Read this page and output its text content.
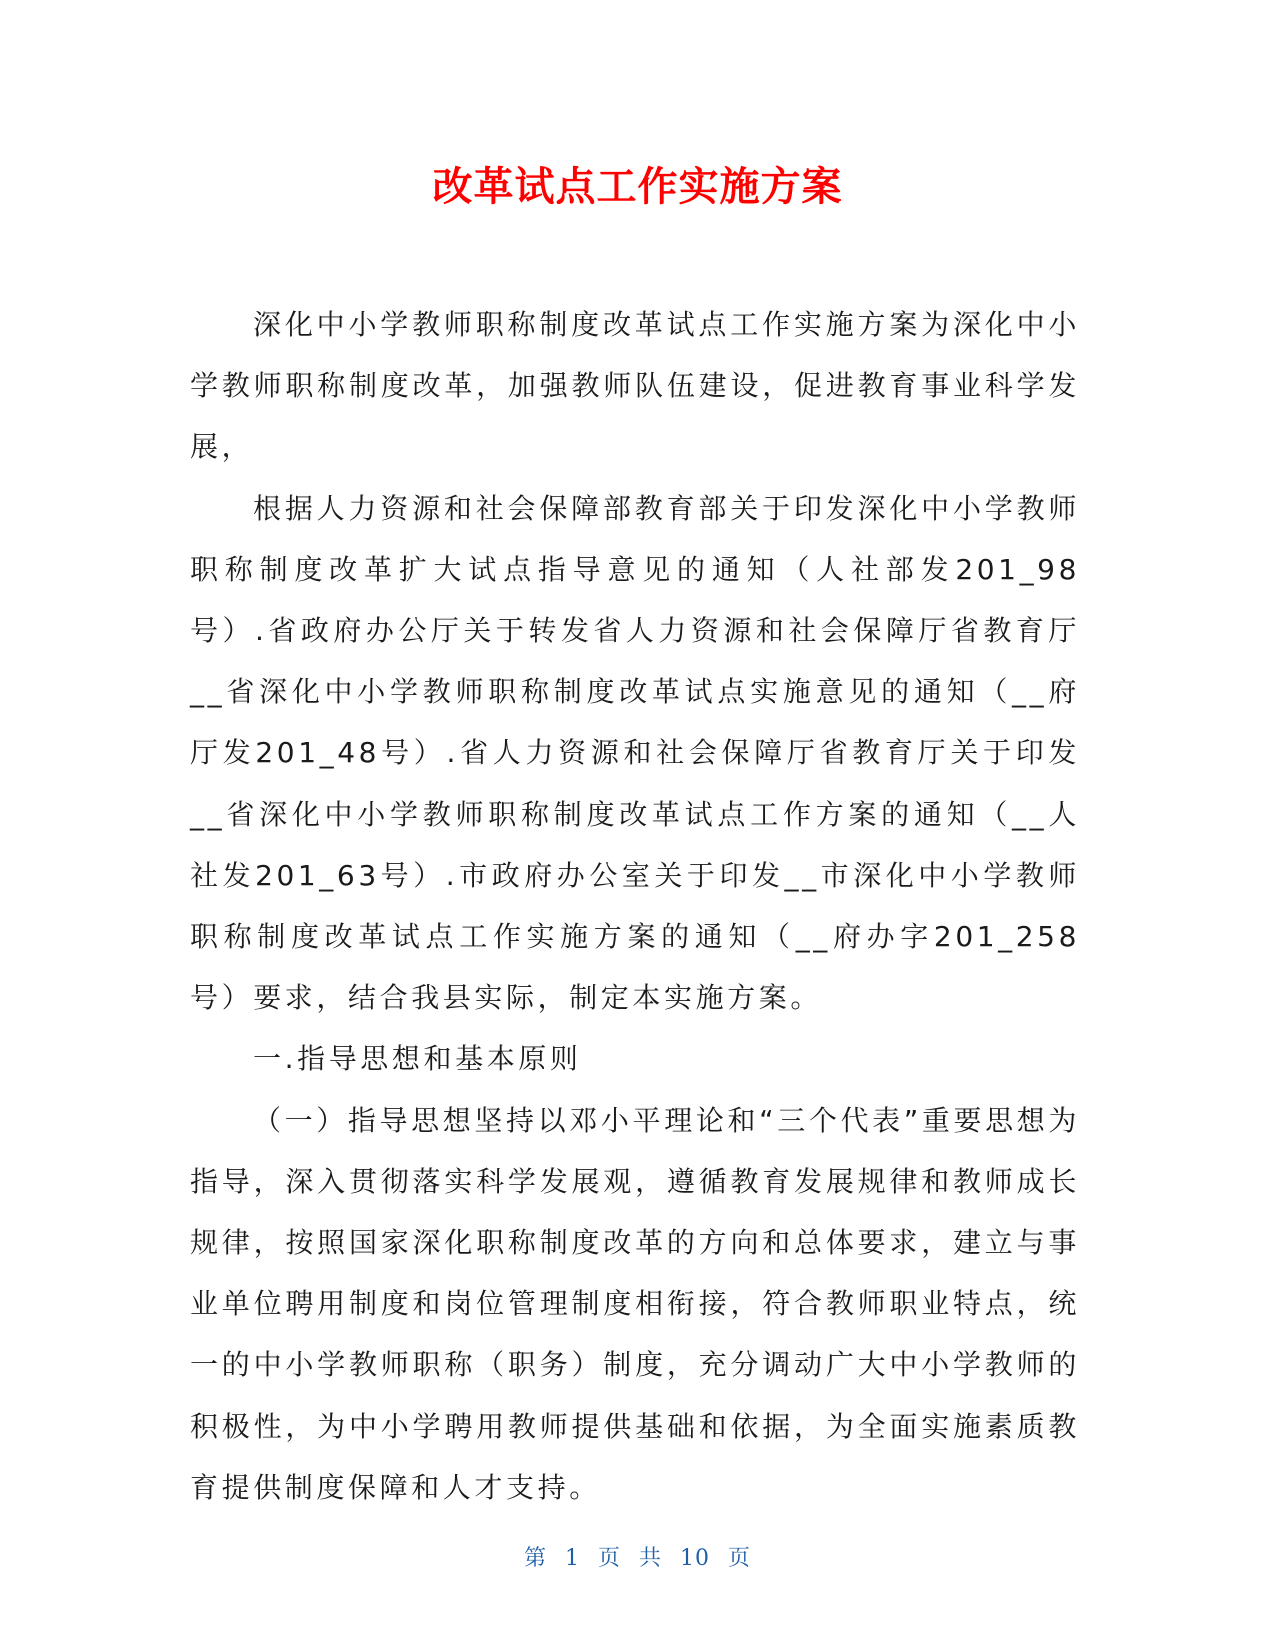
改革试点工作实施方案

深化中小学教师职称制度改革试点工作实施方案为深化中小学教师职称制度改革，加强教师队伍建设，促进教育事业科学发展，

根据人力资源和社会保障部教育部关于印发深化中小学教师职称制度改革扩大试点指导意见的通知（人社部发201_98号）.省政府办公厅关于转发省人力资源和社会保障厅省教育厅__省深化中小学教师职称制度改革试点实施意见的通知（__府厅发201_48号）.省人力资源和社会保障厅省教育厅关于印发__省深化中小学教师职称制度改革试点工作方案的通知（__人社发201_63号）.市政府办公室关于印发__市深化中小学教师职称制度改革试点工作实施方案的通知（__府办字201_258号）要求，结合我县实际，制定本实施方案。

一.指导思想和基本原则

（一）指导思想坚持以邓小平理论和“三个代表”重要思想为指导，深入贯彻落实科学发展观，遵循教育发展规律和教师成长规律，按照国家深化职称制度改革的方向和总体要求，建立与事业单位聘用制度和岗位管理制度相衔接，符合教师职业特点，统一的中小学教师职称（职务）制度，充分调动广大中小学教师的积极性，为中小学聘用教师提供基础和依据，为全面实施素质教育提供制度保障和人才支持。

第 1 页 共 10 页
